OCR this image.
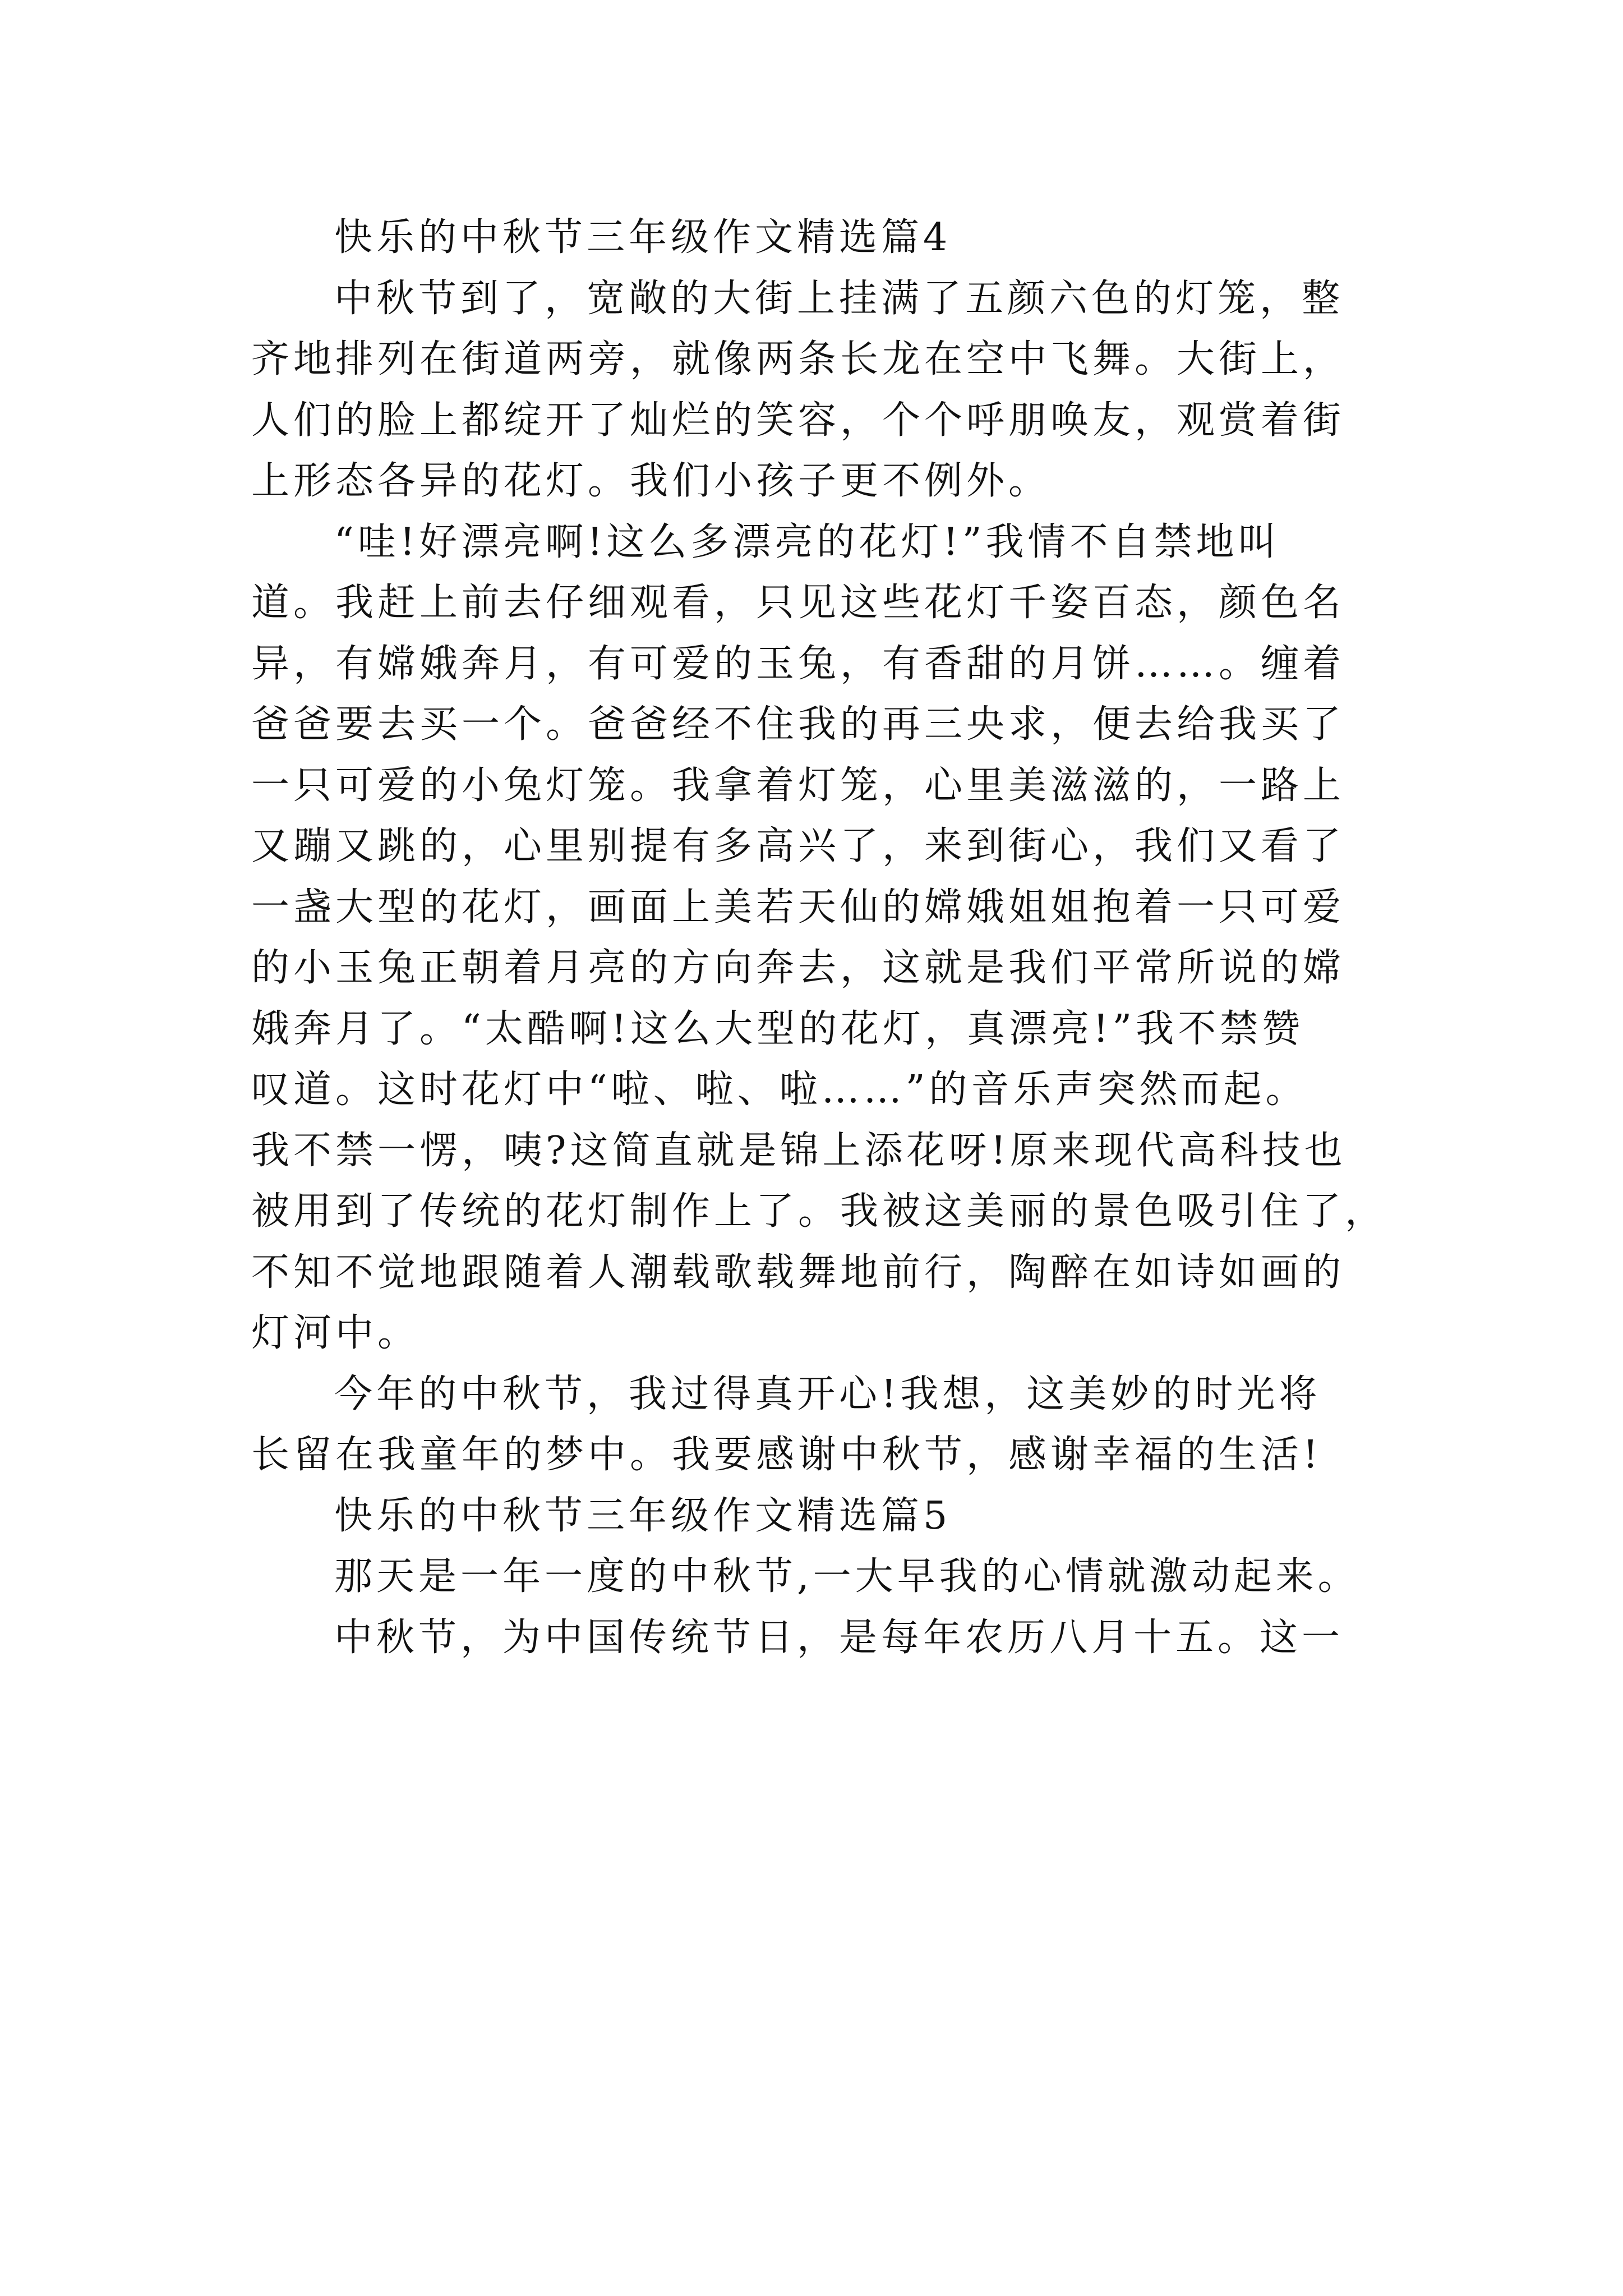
快乐的中秋节三年级作文精选篇4
中秋节到了，宽敞的大街上挂满了五颜六色的灯笼，整
齐地排列在街道两旁，就像两条长龙在空中飞舞。大街上，
人们的脸上都绽开了灿烂的笑容，个个呼朋唤友，观赏着街
上形态各异的花灯。我们小孩子更不例外。
“哇!好漂亮啊!这么多漂亮的花灯!”我情不自禁地叫
道。我赶上前去仔细观看，只见这些花灯千姿百态，颜色名
异，有嫦娥奔月，有可爱的玉兔，有香甜的月饼……。缠着
爸爸要去买一个。爸爸经不住我的再三央求，便去给我买了
一只可爱的小兔灯笼。我拿着灯笼，心里美滋滋的，一路上
又蹦又跳的，心里别提有多高兴了，来到街心，我们又看了
一盏大型的花灯，画面上美若天仙的嫦娥姐姐抱着一只可爱
的小玉兔正朝着月亮的方向奔去，这就是我们平常所说的嫦
娥奔月了。“太酷啊!这么大型的花灯，真漂亮!”我不禁赞
叹道。这时花灯中“啦、啦、啦……”的音乐声突然而起。
我不禁一愣，咦?这简直就是锦上添花呀!原来现代高科技也
被用到了传统的花灯制作上了。我被这美丽的景色吸引住了，
不知不觉地跟随着人潮载歌载舞地前行，陶醉在如诗如画的
灯河中。
今年的中秋节，我过得真开心!我想，这美妙的时光将
长留在我童年的梦中。我要感谢中秋节，感谢幸福的生活!
快乐的中秋节三年级作文精选篇5
那天是一年一度的中秋节,一大早我的心情就激动起来。
中秋节，为中国传统节日，是每年农历八月十五。这一
